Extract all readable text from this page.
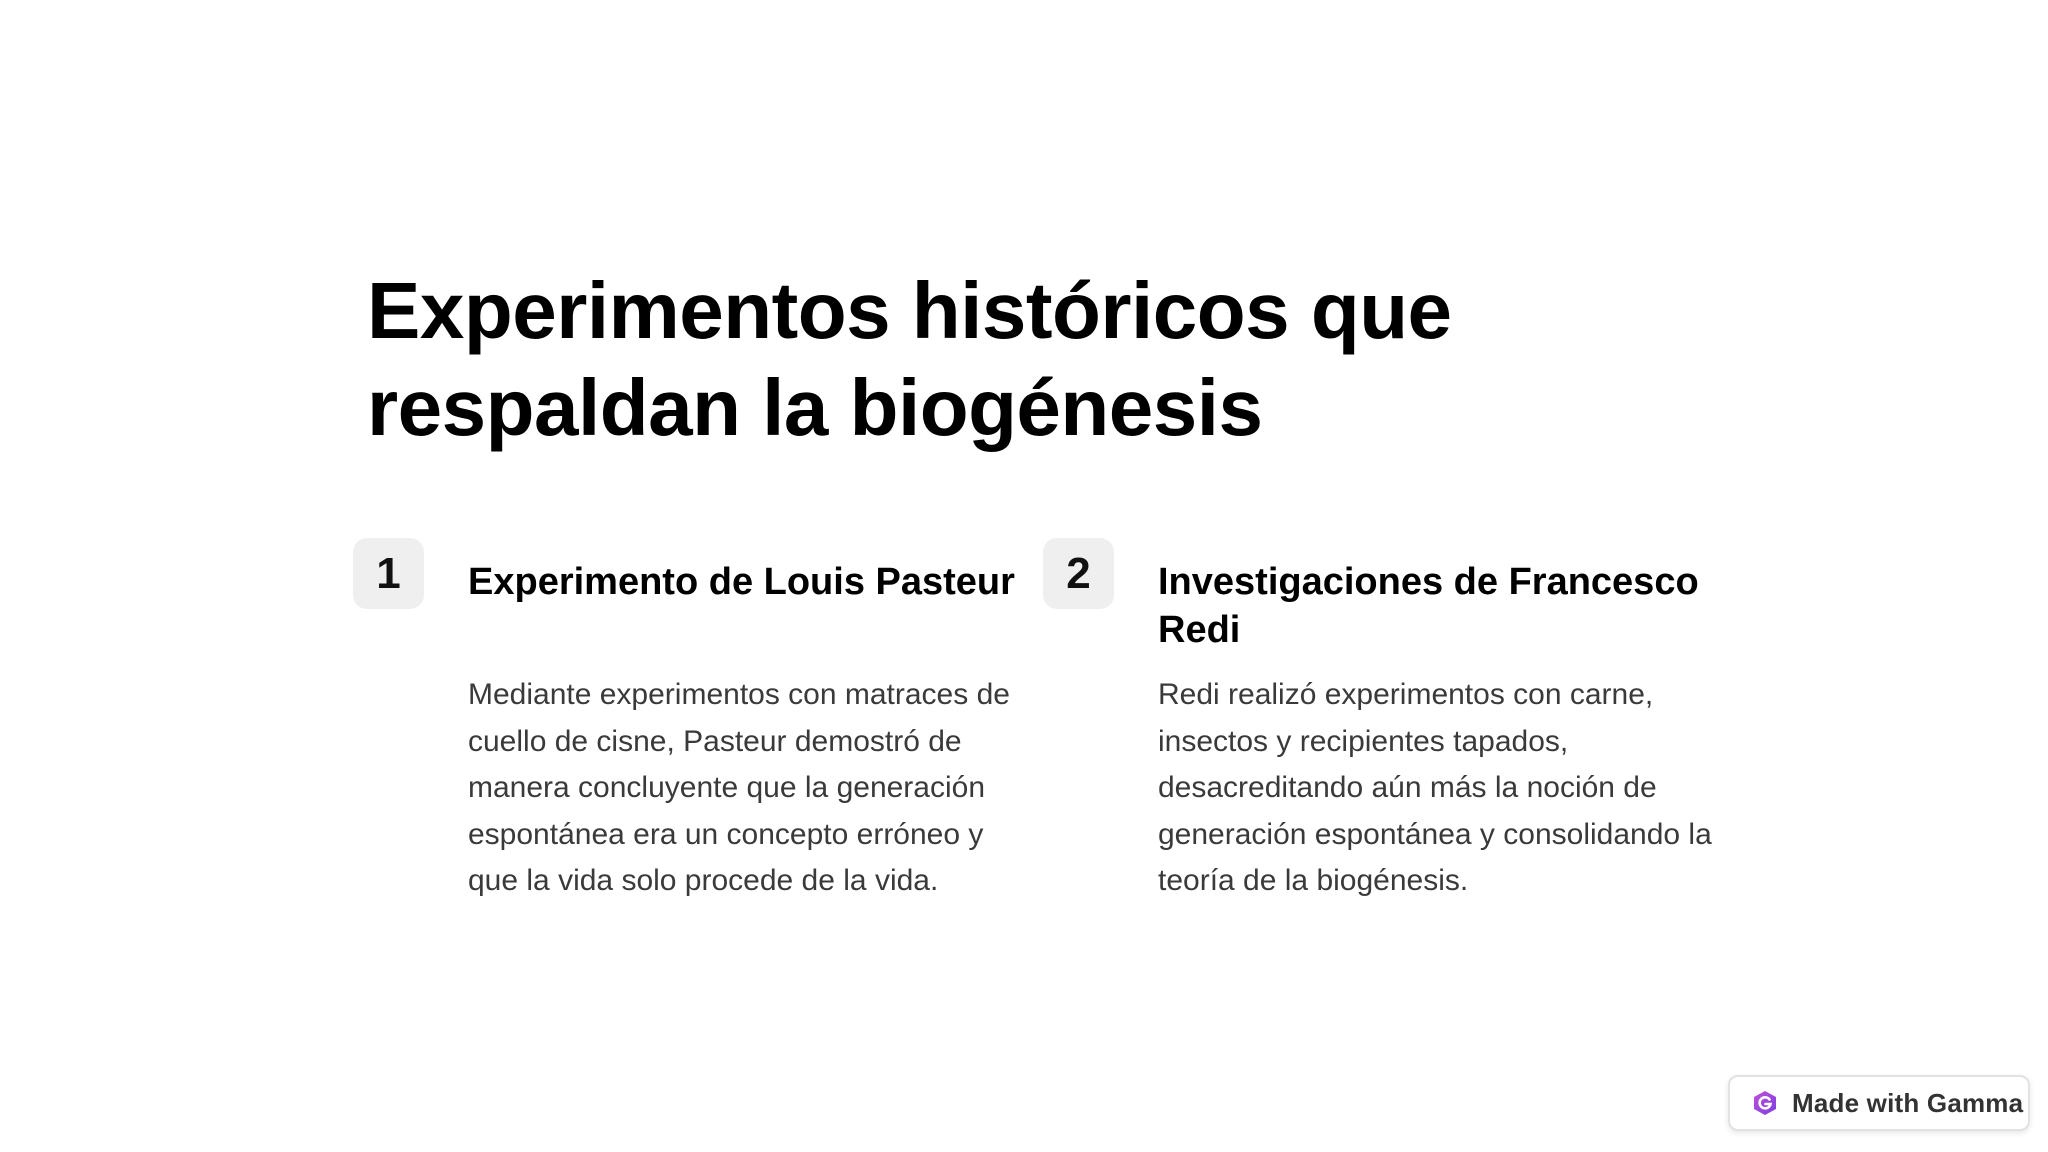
Experimentos históricos que respaldan la biogénesis
1	Experimento de Louis Pasteur

Mediante experimentos con matraces de cuello de cisne, Pasteur demostró de manera concluyente que la generación espontánea era un concepto erróneo y que la vida solo procede de la vida.

2	Investigaciones de Francesco Redi

Redi realizó experimentos con carne, insectos y recipientes tapados, desacreditando aún más la noción de generación espontánea y consolidando la teoría de la biogénesis.

Made with Gamma
